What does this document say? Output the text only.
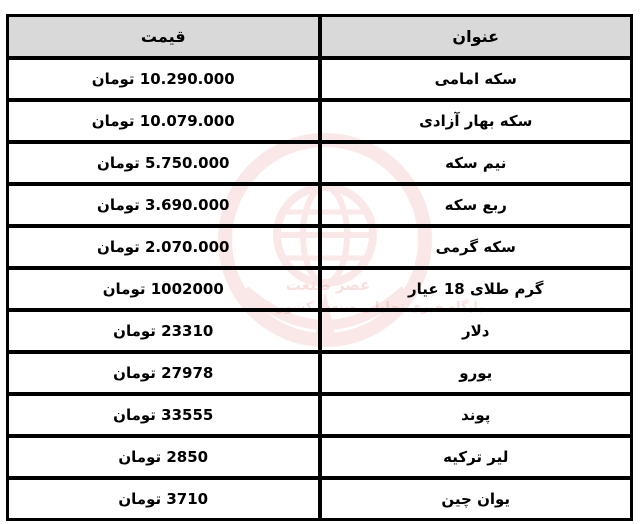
عصر صنعت
پایگاه خبری تحلیلی صنعت کشور
عنوان	قیمت
سکه امامی	10.290.000 تومان
سکه بهار آزادی	10.079.000 تومان
نیم سکه	5.750.000 تومان
ربع سکه	3.690.000 تومان
سکه گرمی	2.070.000 تومان
گرم طلای 18 عیار	1002000 تومان
دلار	23310 تومان
یورو	27978 تومان
پوند	33555 تومان
لیر ترکیه	2850 تومان
یوان چین	3710 تومان
